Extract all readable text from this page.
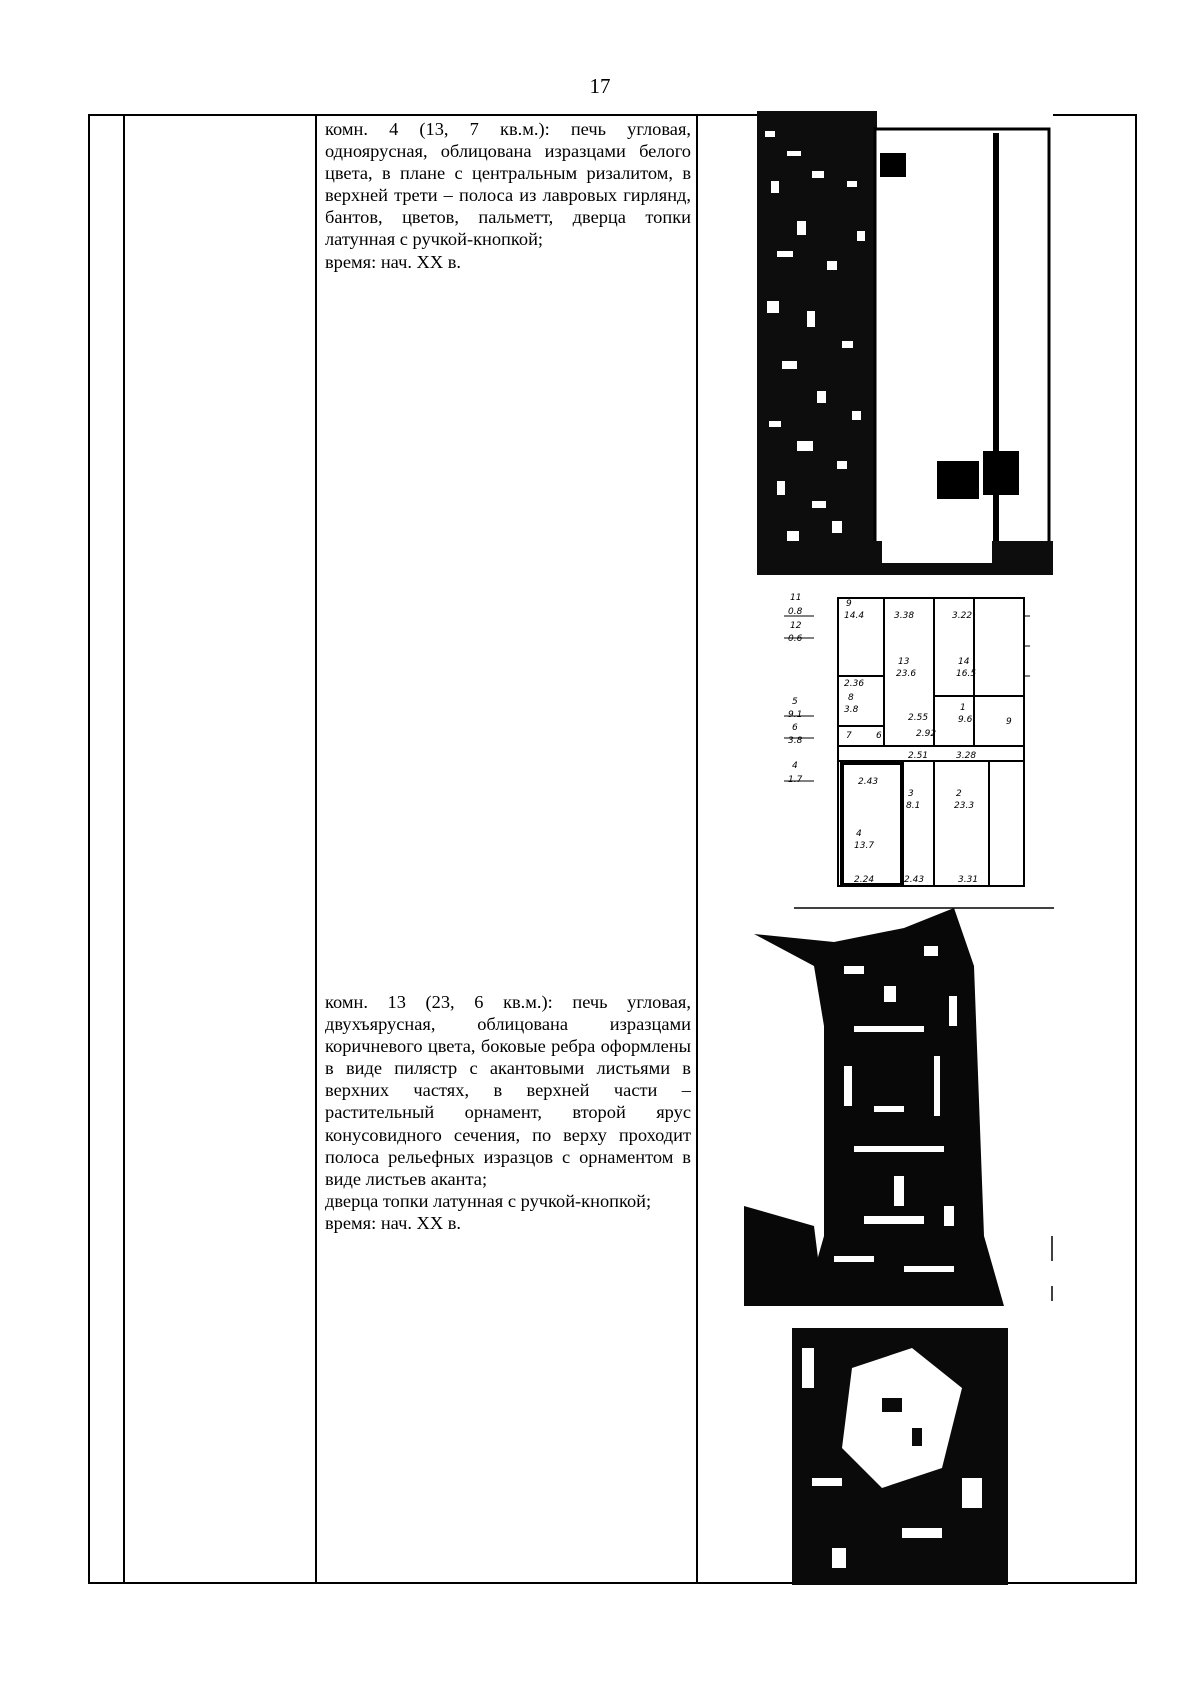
17

комн. 4 (13, 7 кв.м.): печь угловая, одноярусная, облицована изразцами белого цвета, в плане с центральным ризалитом, в верхней трети – полоса из лавровых гирлянд, бантов, цветов, пальметт, дверца топки латунная с ручкой-кнопкой;

время: нач. XX в.

комн. 13 (23, 6 кв.м.): печь угловая, двухъярусная, облицована изразцами коричневого цвета, боковые ребра оформлены в виде пилястр с акантовыми листьями в верхних частях, в верхней части – растительный орнамент, второй ярус конусовидного сечения, по верху проходит полоса рельефных изразцов с орнаментом в виде листьев аканта;

дверца топки латунная с ручкой-кнопкой;

время: нач. XX в.

11
0.8
12
0.6
5
9.1
6
3.8
4
1.7
9
14.4	3.38	3.22
13
23.6
14
16.5
2.36
8
3.8
7	6
2.55
1
9.6
2.92
2.51	3.28
2.43
3
8.1
2
23.3
4
13.7
2.24	2.43	3.31
9
